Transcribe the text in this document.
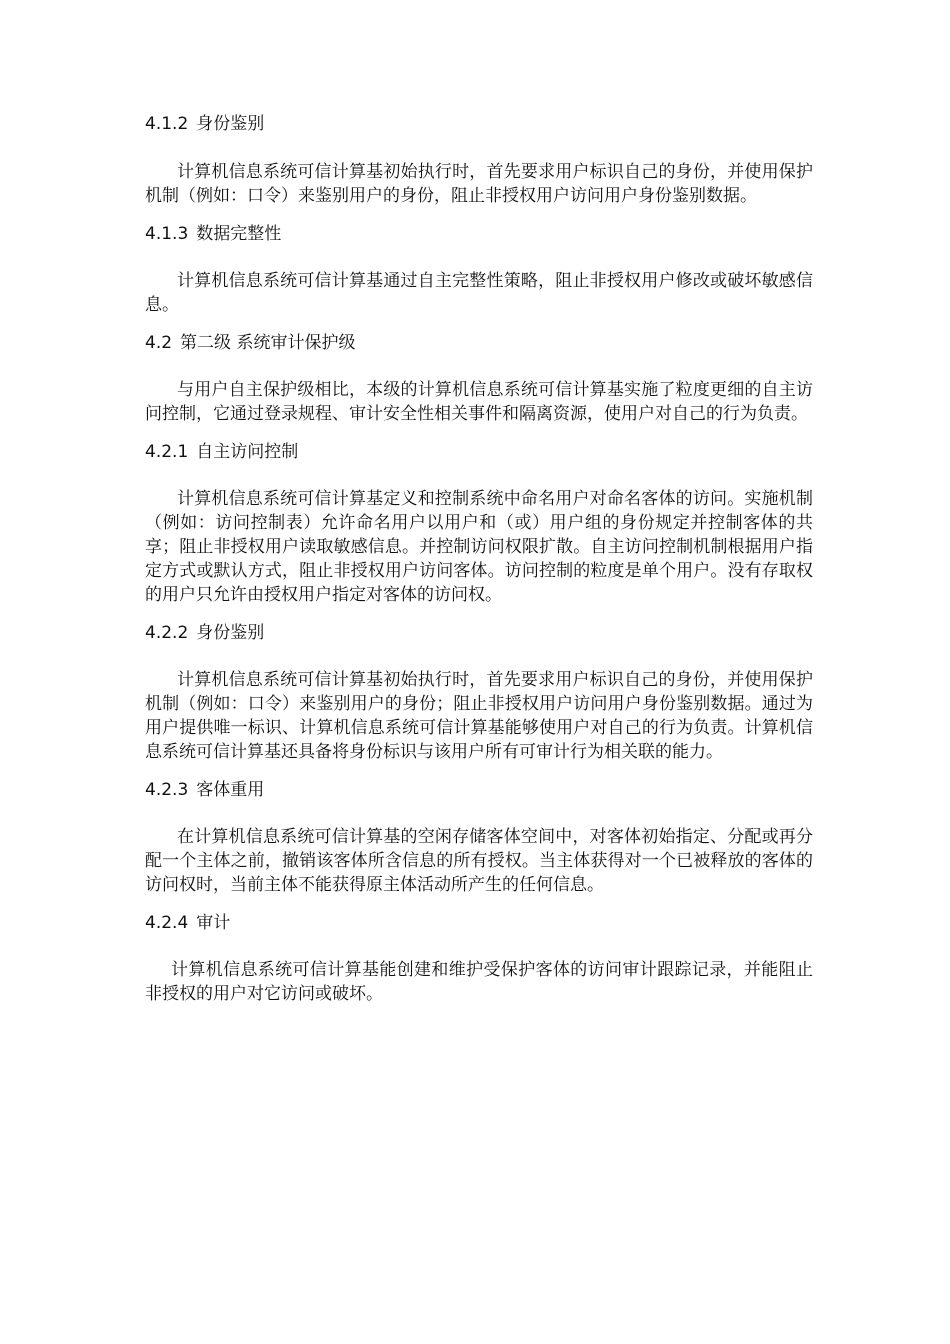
4.1.2 身份鉴别

计算机信息系统可信计算基初始执行时，首先要求用户标识自己的身份，并使用保护机制（例如：口令）来鉴别用户的身份，阻止非授权用户访问用户身份鉴别数据。

4.1.3 数据完整性

计算机信息系统可信计算基通过自主完整性策略，阻止非授权用户修改或破坏敏感信息。

4.2 第二级 系统审计保护级

与用户自主保护级相比，本级的计算机信息系统可信计算基实施了粒度更细的自主访问控制，它通过登录规程、审计安全性相关事件和隔离资源，使用户对自己的行为负责。

4.2.1 自主访问控制

计算机信息系统可信计算基定义和控制系统中命名用户对命名客体的访问。实施机制（例如：访问控制表）允许命名用户以用户和（或）用户组的身份规定并控制客体的共享；阻止非授权用户读取敏感信息。并控制访问权限扩散。自主访问控制机制根据用户指定方式或默认方式，阻止非授权用户访问客体。访问控制的粒度是单个用户。没有存取权的用户只允许由授权用户指定对客体的访问权。

4.2.2 身份鉴别

计算机信息系统可信计算基初始执行时，首先要求用户标识自己的身份，并使用保护机制（例如：口令）来鉴别用户的身份；阻止非授权用户访问用户身份鉴别数据。通过为用户提供唯一标识、计算机信息系统可信计算基能够使用户对自己的行为负责。计算机信息系统可信计算基还具备将身份标识与该用户所有可审计行为相关联的能力。

4.2.3 客体重用

在计算机信息系统可信计算基的空闲存储客体空间中，对客体初始指定、分配或再分配一个主体之前，撤销该客体所含信息的所有授权。当主体获得对一个已被释放的客体的访问权时，当前主体不能获得原主体活动所产生的任何信息。

4.2.4 审计

计算机信息系统可信计算基能创建和维护受保护客体的访问审计跟踪记录，并能阻止非授权的用户对它访问或破坏。
